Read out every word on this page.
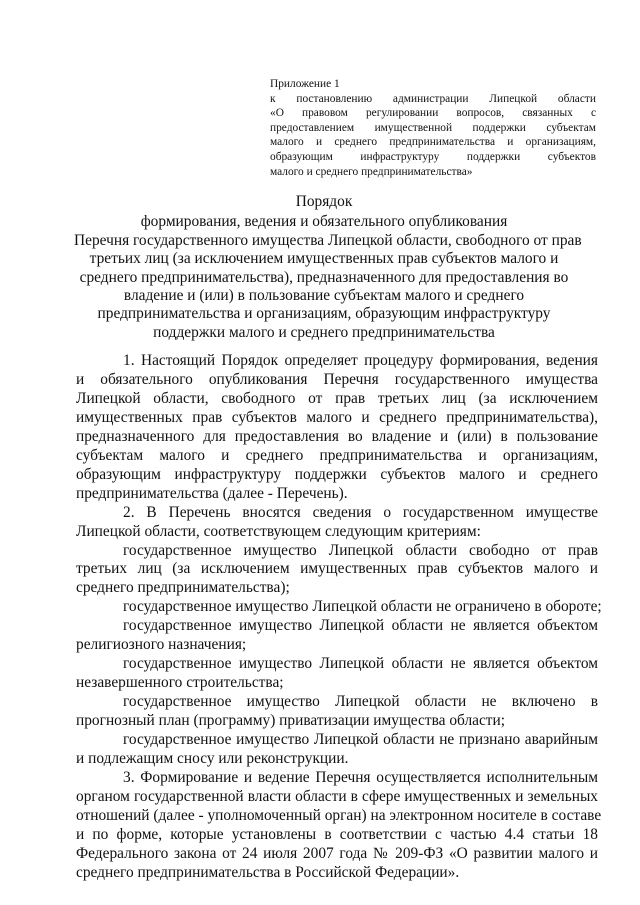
Приложение 1
к постановлению администрации Липецкой области
«О правовом регулировании вопросов, связанных с
предоставлением имущественной поддержки субъектам
малого и среднего предпринимательства и организациям,
образующим инфраструктуру поддержки субъектов
малого и среднего предпринимательства»
Порядок
формирования, ведения и обязательного опубликования
Перечня государственного имущества Липецкой области, свободного от прав
третьих лиц (за исключением имущественных прав субъектов малого и
среднего предпринимательства), предназначенного для предоставления во
владение и (или) в пользование субъектам малого и среднего
предпринимательства и организациям, образующим инфраструктуру
поддержки малого и среднего предпринимательства
1. Настоящий Порядок определяет процедуру формирования, ведения
и обязательного опубликования Перечня государственного имущества
Липецкой области, свободного от прав третьих лиц (за исключением
имущественных прав субъектов малого и среднего предпринимательства),
предназначенного для предоставления во владение и (или) в пользование
субъектам малого и среднего предпринимательства и организациям,
образующим инфраструктуру поддержки субъектов малого и среднего
предпринимательства (далее - Перечень).
2. В Перечень вносятся сведения о государственном имуществе
Липецкой области, соответствующем следующим критериям:
государственное имущество Липецкой области свободно от прав
третьих лиц (за исключением имущественных прав субъектов малого и
среднего предпринимательства);
государственное имущество Липецкой области не ограничено в обороте;
государственное имущество Липецкой области не является объектом
религиозного назначения;
государственное имущество Липецкой области не является объектом
незавершенного строительства;
государственное имущество Липецкой области не включено в
прогнозный план (программу) приватизации имущества области;
государственное имущество Липецкой области не признано аварийным
и подлежащим сносу или реконструкции.
3. Формирование и ведение Перечня осуществляется исполнительным
органом государственной власти области в сфере имущественных и земельных
отношений (далее - уполномоченный орган) на электронном носителе в составе
и по форме, которые установлены в соответствии с частью 4.4 статьи 18
Федерального закона от 24 июля 2007 года № 209-ФЗ «О развитии малого и
среднего предпринимательства в Российской Федерации».
